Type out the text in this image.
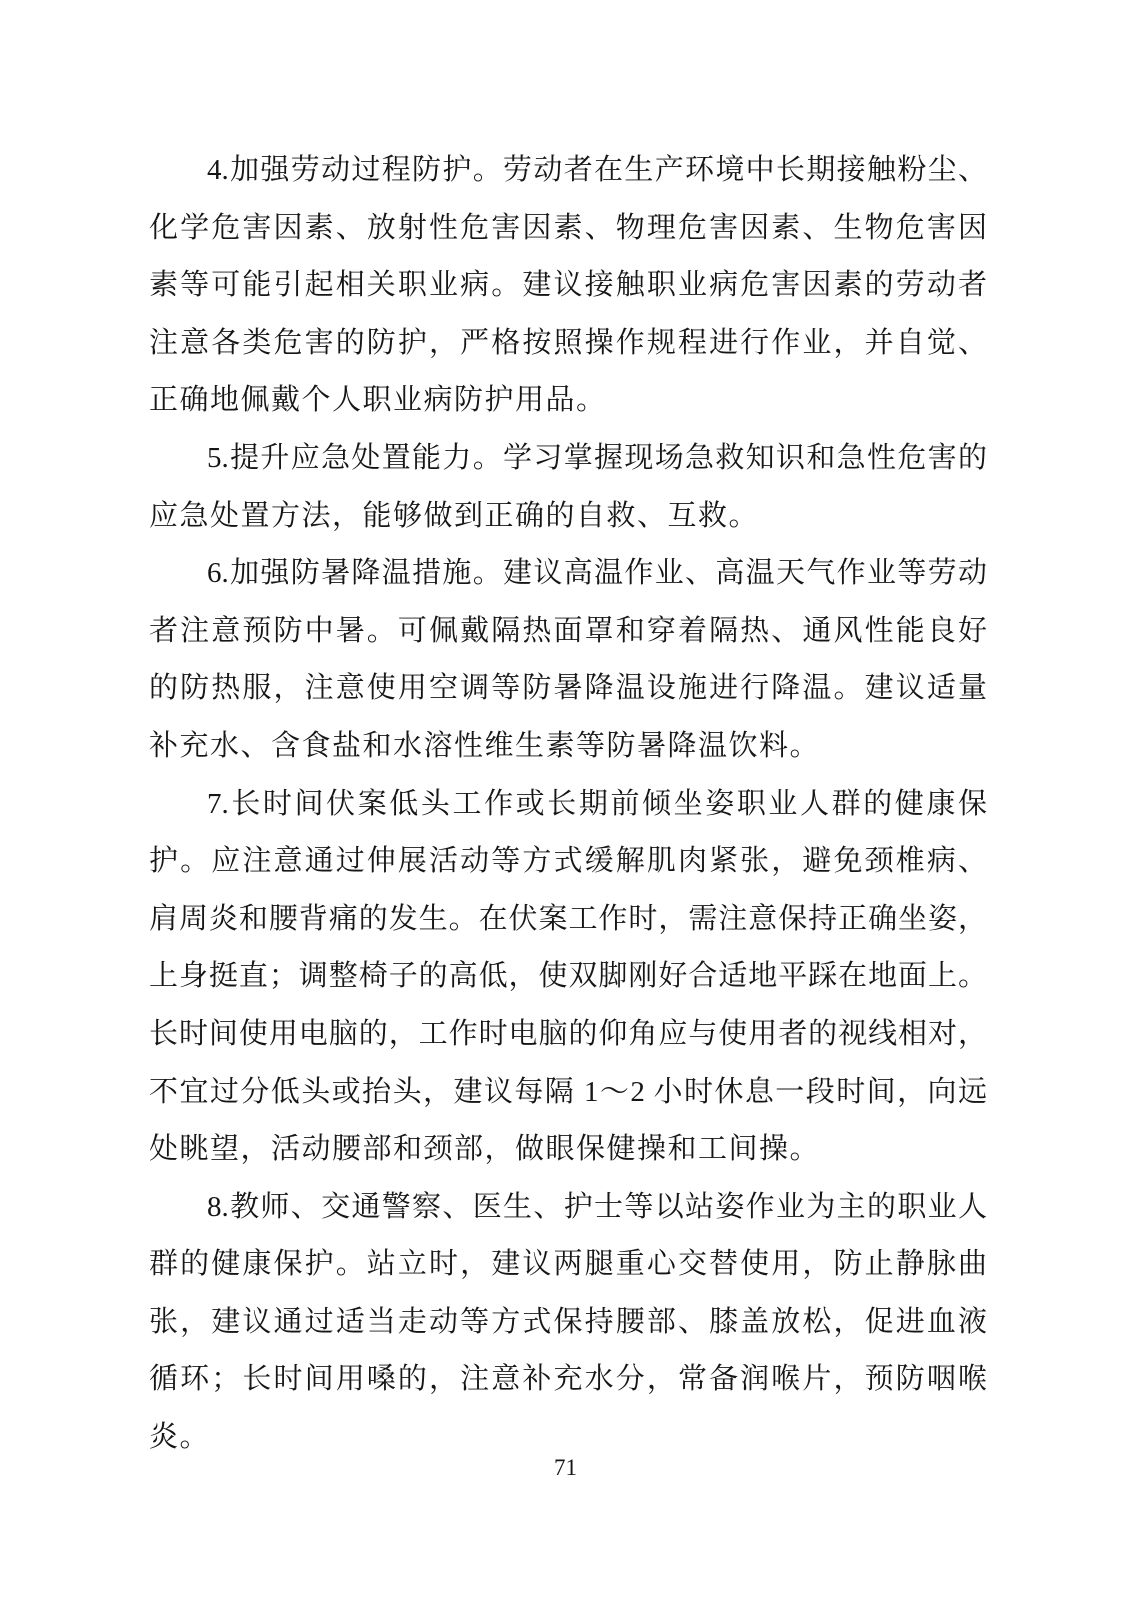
4.加强劳动过程防护。劳动者在生产环境中长期接触粉尘、
化学危害因素、放射性危害因素、物理危害因素、生物危害因
素等可能引起相关职业病。建议接触职业病危害因素的劳动者
注意各类危害的防护，严格按照操作规程进行作业，并自觉、
正确地佩戴个人职业病防护用品。

5.提升应急处置能力。学习掌握现场急救知识和急性危害的
应急处置方法，能够做到正确的自救、互救。

6.加强防暑降温措施。建议高温作业、高温天气作业等劳动
者注意预防中暑。可佩戴隔热面罩和穿着隔热、通风性能良好
的防热服，注意使用空调等防暑降温设施进行降温。建议适量
补充水、含食盐和水溶性维生素等防暑降温饮料。

7.长时间伏案低头工作或长期前倾坐姿职业人群的健康保
护。应注意通过伸展活动等方式缓解肌肉紧张，避免颈椎病、
肩周炎和腰背痛的发生。在伏案工作时，需注意保持正确坐姿，
上身挺直；调整椅子的高低，使双脚刚好合适地平踩在地面上。
长时间使用电脑的，工作时电脑的仰角应与使用者的视线相对，
不宜过分低头或抬头，建议每隔 1～2 小时休息一段时间，向远
处眺望，活动腰部和颈部，做眼保健操和工间操。

8.教师、交通警察、医生、护士等以站姿作业为主的职业人
群的健康保护。站立时，建议两腿重心交替使用，防止静脉曲
张，建议通过适当走动等方式保持腰部、膝盖放松，促进血液
循环；长时间用嗓的，注意补充水分，常备润喉片，预防咽喉
炎。

71
